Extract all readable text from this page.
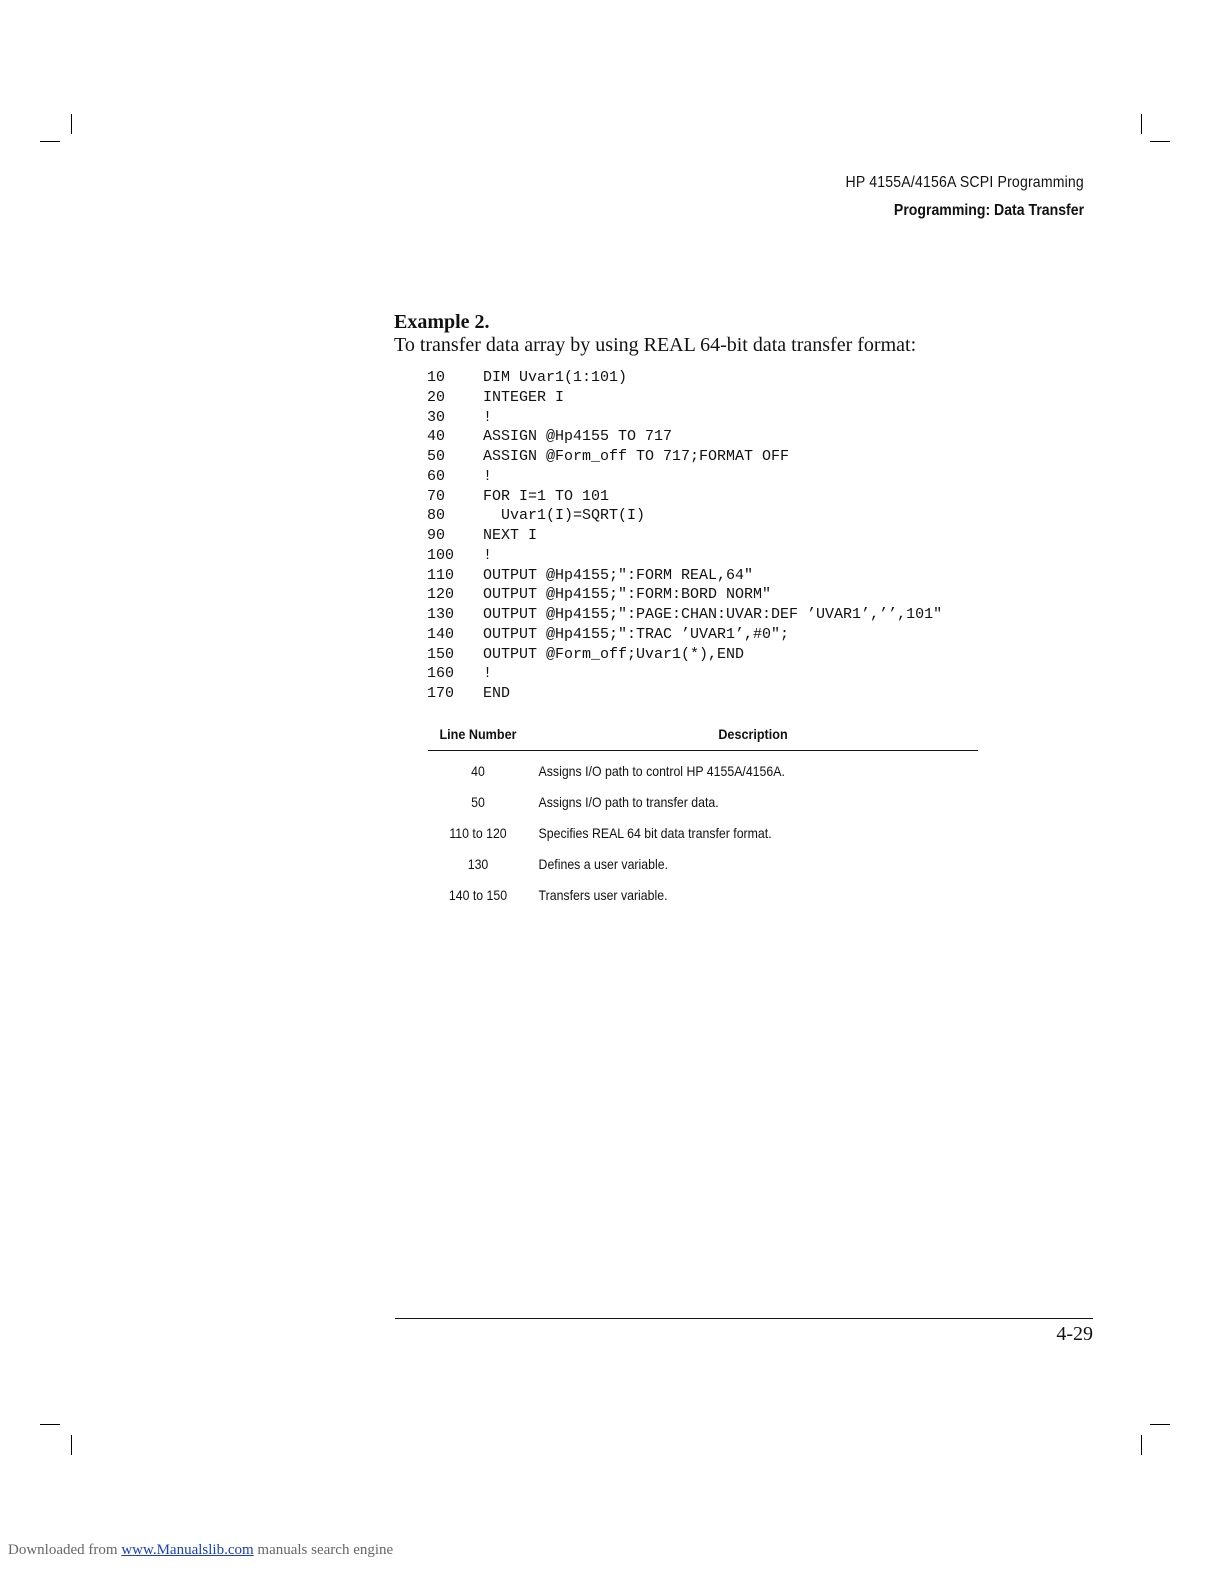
HP 4155A/4156A SCPI Programming
Programming: Data Transfer
Example 2.
To transfer data array by using REAL 64-bit data transfer format:
10	DIM Uvar1(1:101)
20	INTEGER I
30	!
40	ASSIGN @Hp4155 TO 717
50	ASSIGN @Form_off TO 717;FORMAT OFF
60	!
70	FOR I=1 TO 101
80	Uvar1(I)=SQRT(I)
90	NEXT I
100	!
110	OUTPUT @Hp4155;":FORM REAL,64"
120	OUTPUT @Hp4155;":FORM:BORD NORM"
130	OUTPUT @Hp4155;":PAGE:CHAN:UVAR:DEF ’UVAR1’,’’,101"
140	OUTPUT @Hp4155;":TRAC ’UVAR1’,#0";
150	OUTPUT @Form_off;Uvar1(*),END
160	!
170	END
Line Number	Description
40	Assigns I/O path to control HP 4155A/4156A.
50	Assigns I/O path to transfer data.
110 to 120	Specifies REAL 64 bit data transfer format.
130	Defines a user variable.
140 to 150	Transfers user variable.
4-29
Downloaded from www.Manualslib.com manuals search engine
